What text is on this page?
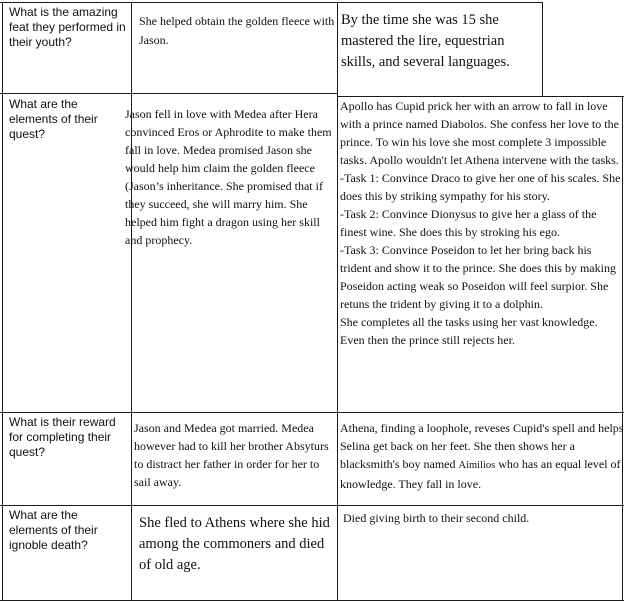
What is the amazing feat they performed in their youth?
She helped obtain the golden fleece with Jason.
By the time she was 15 she mastered the lire, equestrian skills, and several languages.
What are the elements of their quest?
Jason fell in love with Medea after Hera convinced Eros or Aphrodite to make them fall in love. Medea promised Jason she would help him claim the golden fleece (Jason’s inheritance. She promised that if they succeed, she will marry him. She helped him fight a dragon using her skill and prophecy.
Apollo has Cupid prick her with an arrow to fall in love with a prince named Diabolos. She confess her love to the prince. To win his love she most complete 3 impossible tasks. Apollo wouldn't let Athena intervene with the tasks.
-Task 1: Convince Draco to give her one of his scales. She does this by striking sympathy for his story.
-Task 2: Convince Dionysus to give her a glass of the finest wine. She does this by stroking his ego.
-Task 3: Convince Poseidon to let her bring back his trident and show it to the prince. She does this by making Poseidon acting weak so Poseidon will feel surpior. She retuns the trident by giving it to a dolphin.
She completes all the tasks using her vast knowledge. Even then the prince still rejects her.
What is their reward for completing their quest?
Jason and Medea got married. Medea however had to kill her brother Absyturs to distract her father in order for her to sail away.
Athena, finding a loophole, reveses Cupid's spell and helps Selina get back on her feet. She then shows her a blacksmith's boy named Aimilios who has an equal level of knowledge. They fall in love.
What are the elements of their ignoble death?
She fled to Athens where she hid among the commoners and died of old age.
Died giving birth to their second child.
